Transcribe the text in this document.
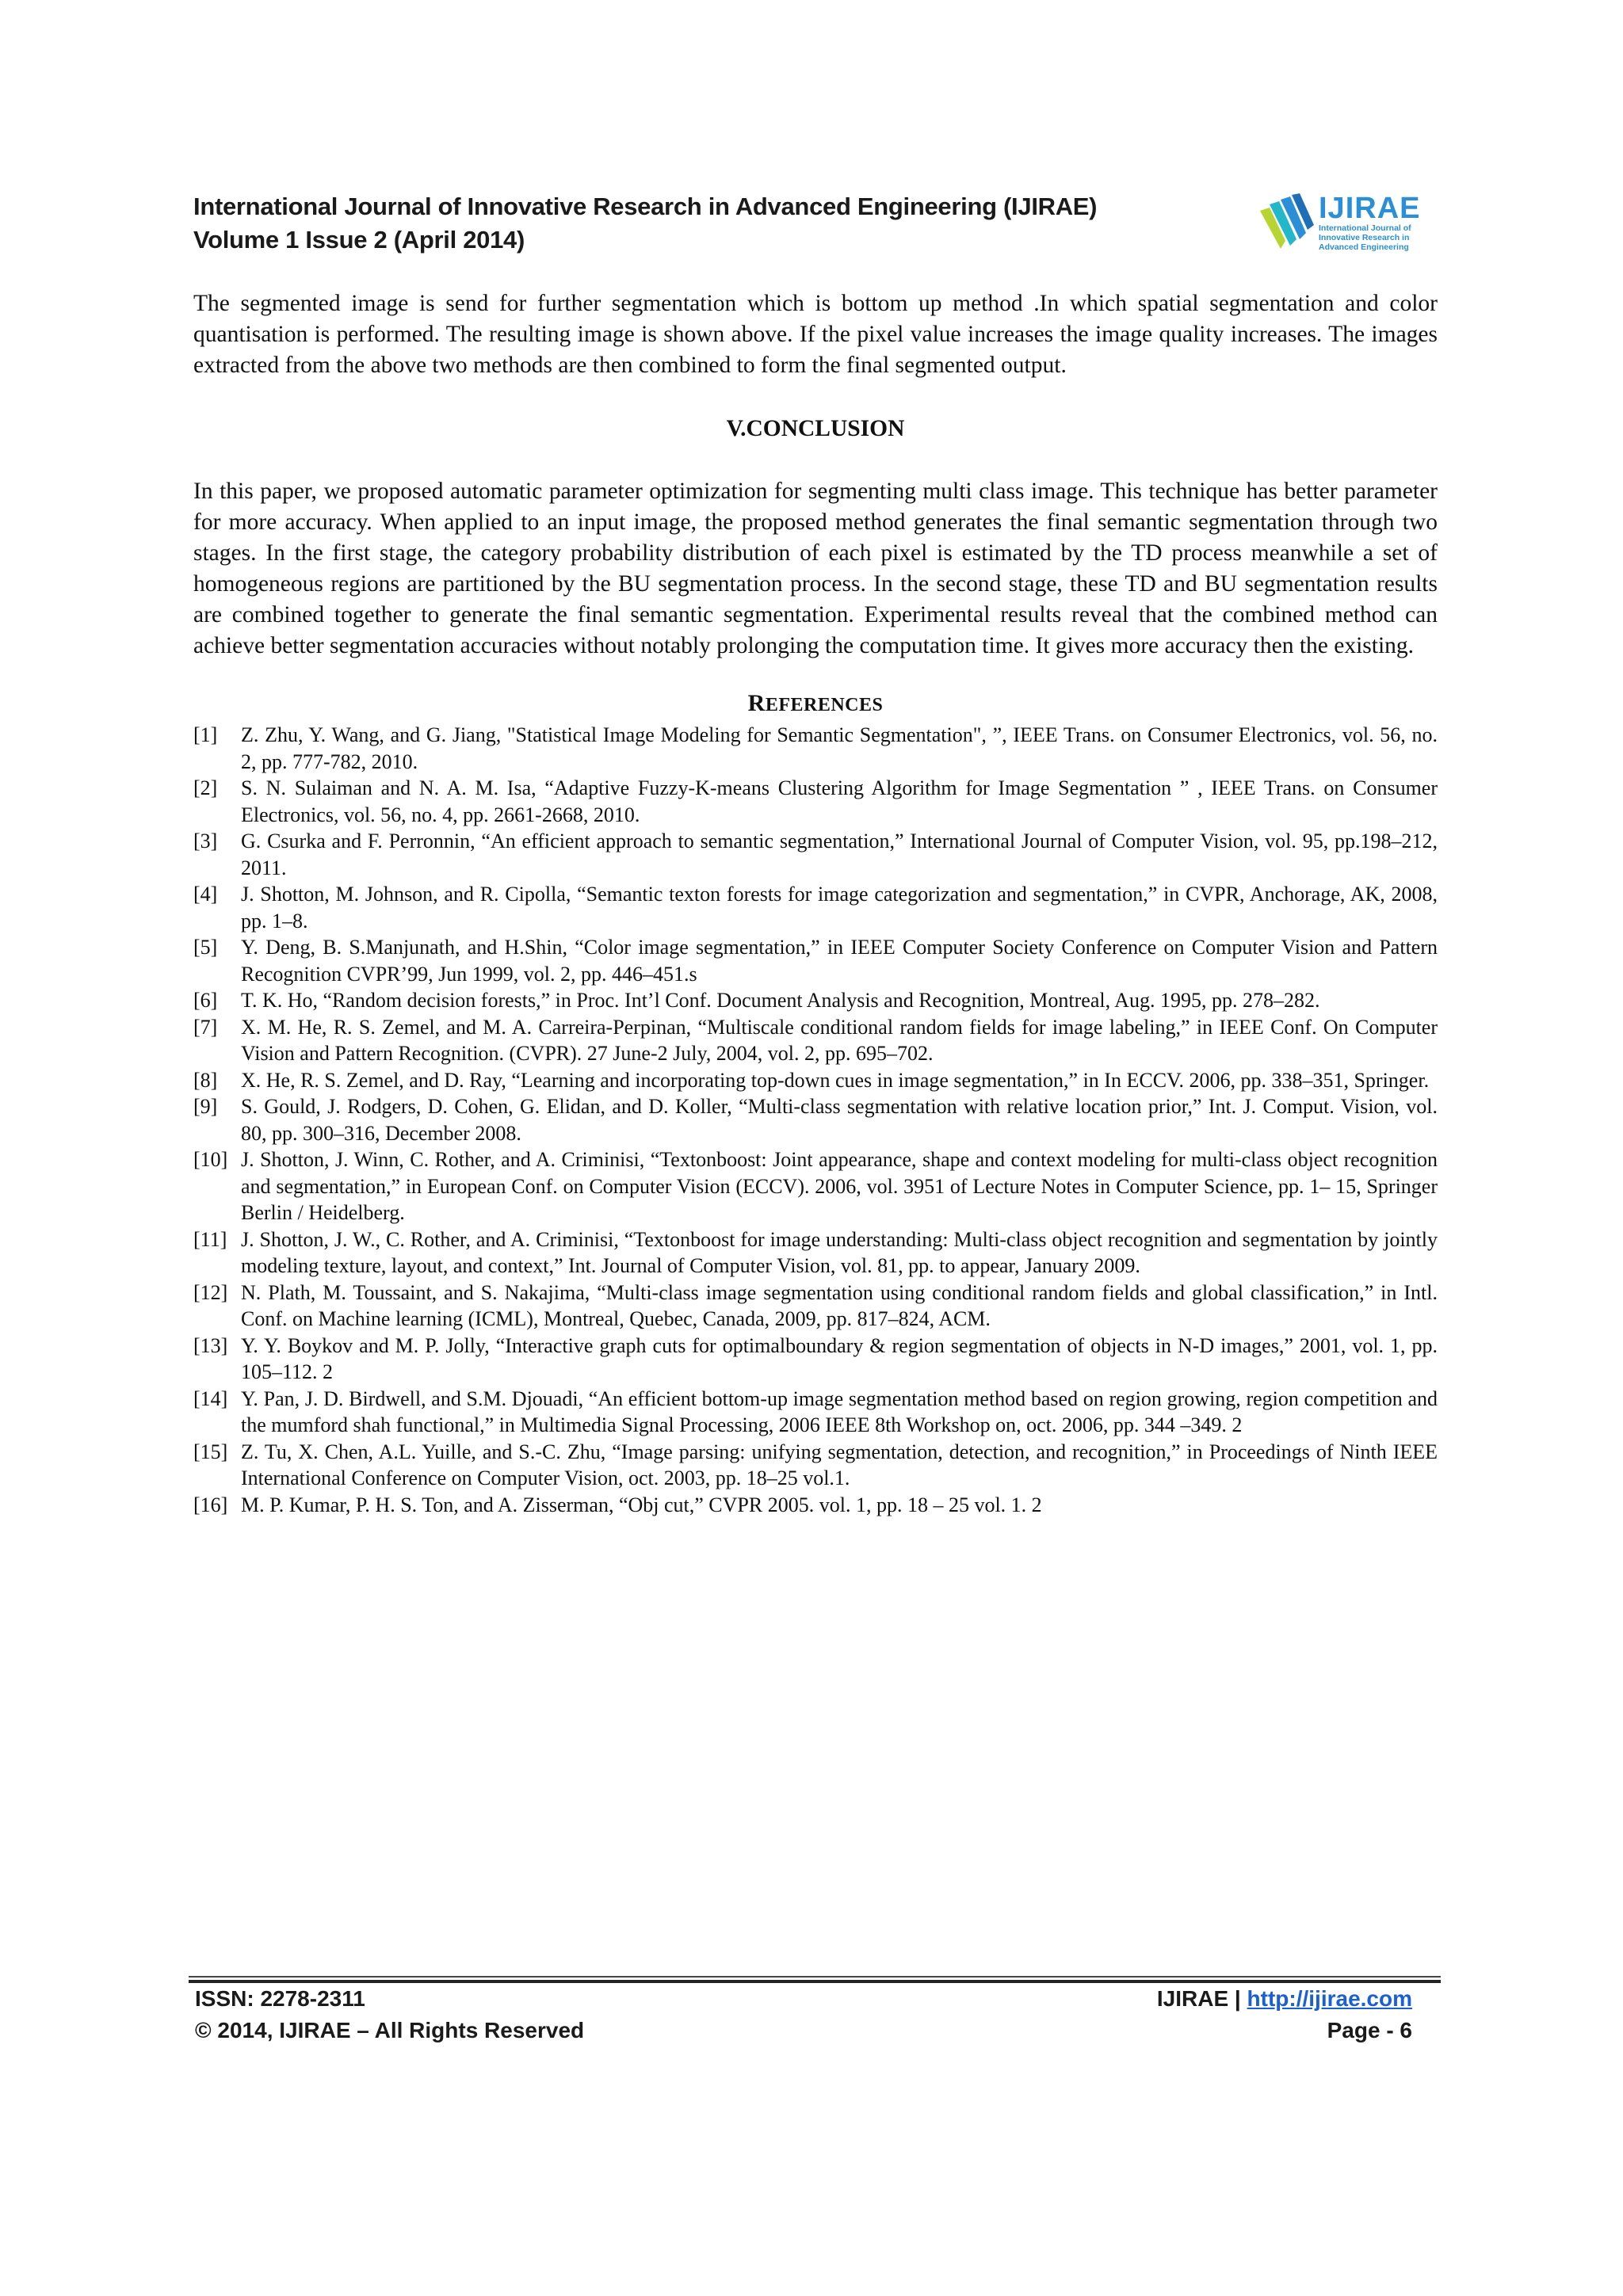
International Journal of Innovative Research in Advanced Engineering (IJIRAE)
Volume 1 Issue 2 (April 2014)
IJIRAE
International Journal of Innovative Research in Advanced Engineering

The segmented image is send for further segmentation which is bottom up method .In which spatial segmentation and color quantisation is performed. The resulting image is shown above. If the pixel value increases the image quality increases. The images extracted from the above two methods are then combined to form the final segmented output.

V.CONCLUSION

In this paper, we proposed automatic parameter optimization for segmenting multi class image. This technique has better parameter for more accuracy. When applied to an input image, the proposed method generates the final semantic segmentation through two stages. In the first stage, the category probability distribution of each pixel is estimated by the TD process meanwhile a set of homogeneous regions are partitioned by the BU segmentation process. In the second stage, these TD and BU segmentation results are combined together to generate the final semantic segmentation. Experimental results reveal that the combined method can achieve better segmentation accuracies without notably prolonging the computation time. It gives more accuracy then the existing.

REFERENCES
[1] Z. Zhu, Y. Wang, and G. Jiang, "Statistical Image Modeling for Semantic Segmentation", ”, IEEE Trans. on Consumer Electronics, vol. 56, no. 2, pp. 777-782, 2010.
[2] S. N. Sulaiman and N. A. M. Isa, “Adaptive Fuzzy-K-means Clustering Algorithm for Image Segmentation ” , IEEE Trans. on Consumer Electronics, vol. 56, no. 4, pp. 2661-2668, 2010.
[3] G. Csurka and F. Perronnin, “An efficient approach to semantic segmentation,” International Journal of Computer Vision, vol. 95, pp.198–212, 2011.
[4] J. Shotton, M. Johnson, and R. Cipolla, “Semantic texton forests for image categorization and segmentation,” in CVPR, Anchorage, AK, 2008, pp. 1–8.
[5] Y. Deng, B. S.Manjunath, and H.Shin, “Color image segmentation,” in IEEE Computer Society Conference on Computer Vision and Pattern Recognition CVPR’99, Jun 1999, vol. 2, pp. 446–451.s
[6] T. K. Ho, “Random decision forests,” in Proc. Int’l Conf. Document Analysis and Recognition, Montreal, Aug. 1995, pp. 278–282.
[7] X. M. He, R. S. Zemel, and M. A. Carreira-Perpinan, “Multiscale conditional random fields for image labeling,” in IEEE Conf. On Computer Vision and Pattern Recognition. (CVPR). 27 June-2 July, 2004, vol. 2, pp. 695–702.
[8] X. He, R. S. Zemel, and D. Ray, “Learning and incorporating top-down cues in image segmentation,” in In ECCV. 2006, pp. 338–351, Springer.
[9] S. Gould, J. Rodgers, D. Cohen, G. Elidan, and D. Koller, “Multi-class segmentation with relative location prior,” Int. J. Comput. Vision, vol. 80, pp. 300–316, December 2008.
[10] J. Shotton, J. Winn, C. Rother, and A. Criminisi, “Textonboost: Joint appearance, shape and context modeling for multi-class object recognition and segmentation,” in European Conf. on Computer Vision (ECCV). 2006, vol. 3951 of Lecture Notes in Computer Science, pp. 1– 15, Springer Berlin / Heidelberg.
[11] J. Shotton, J. W., C. Rother, and A. Criminisi, “Textonboost for image understanding: Multi-class object recognition and segmentation by jointly modeling texture, layout, and context,” Int. Journal of Computer Vision, vol. 81, pp. to appear, January 2009.
[12] N. Plath, M. Toussaint, and S. Nakajima, “Multi-class image segmentation using conditional random fields and global classification,” in Intl. Conf. on Machine learning (ICML), Montreal, Quebec, Canada, 2009, pp. 817–824, ACM.
[13] Y. Y. Boykov and M. P. Jolly, “Interactive graph cuts for optimalboundary & region segmentation of objects in N-D images,” 2001, vol. 1, pp. 105–112. 2
[14] Y. Pan, J. D. Birdwell, and S.M. Djouadi, “An efficient bottom-up image segmentation method based on region growing, region competition and the mumford shah functional,” in Multimedia Signal Processing, 2006 IEEE 8th Workshop on, oct. 2006, pp. 344 –349. 2
[15] Z. Tu, X. Chen, A.L. Yuille, and S.-C. Zhu, “Image parsing: unifying segmentation, detection, and recognition,” in Proceedings of Ninth IEEE International Conference on Computer Vision, oct. 2003, pp. 18–25 vol.1.
[16] M. P. Kumar, P. H. S. Ton, and A. Zisserman, “Obj cut,” CVPR 2005. vol. 1, pp. 18 – 25 vol. 1. 2
ISSN: 2278-2311	IJIRAE | http://ijirae.com
© 2014, IJIRAE – All Rights Reserved	Page - 6
